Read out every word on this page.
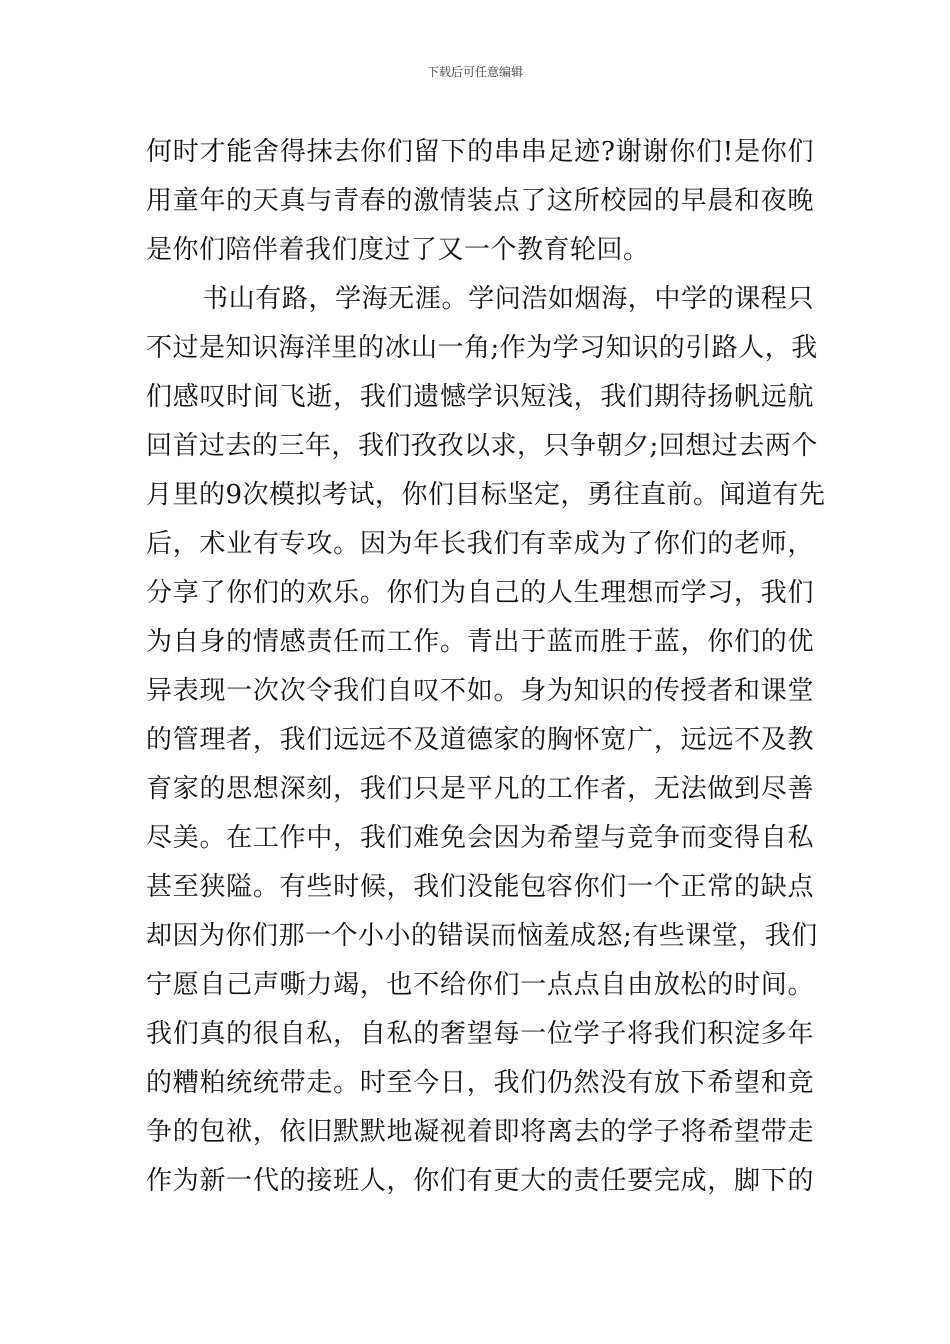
下载后可任意编辑
何时才能舍得抹去你们留下的串串足迹?谢谢你们!是你们
用童年的天真与青春的激情装点了这所校园的早晨和夜晚
是你们陪伴着我们度过了又一个教育轮回。
书山有路，学海无涯。学问浩如烟海，中学的课程只
不过是知识海洋里的冰山一角;作为学习知识的引路人，我
们感叹时间飞逝，我们遗憾学识短浅，我们期待扬帆远航
回首过去的三年，我们孜孜以求，只争朝夕;回想过去两个
月里的9次模拟考试，你们目标坚定，勇往直前。闻道有先
后，术业有专攻。因为年长我们有幸成为了你们的老师，
分享了你们的欢乐。你们为自己的人生理想而学习，我们
为自身的情感责任而工作。青出于蓝而胜于蓝，你们的优
异表现一次次令我们自叹不如。身为知识的传授者和课堂
的管理者，我们远远不及道德家的胸怀宽广，远远不及教
育家的思想深刻，我们只是平凡的工作者，无法做到尽善
尽美。在工作中，我们难免会因为希望与竞争而变得自私
甚至狭隘。有些时候，我们没能包容你们一个正常的缺点
却因为你们那一个小小的错误而恼羞成怒;有些课堂，我们
宁愿自己声嘶力竭，也不给你们一点点自由放松的时间。
我们真的很自私，自私的奢望每一位学子将我们积淀多年
的糟粕统统带走。时至今日，我们仍然没有放下希望和竞
争的包袱，依旧默默地凝视着即将离去的学子将希望带走
作为新一代的接班人，你们有更大的责任要完成，脚下的
